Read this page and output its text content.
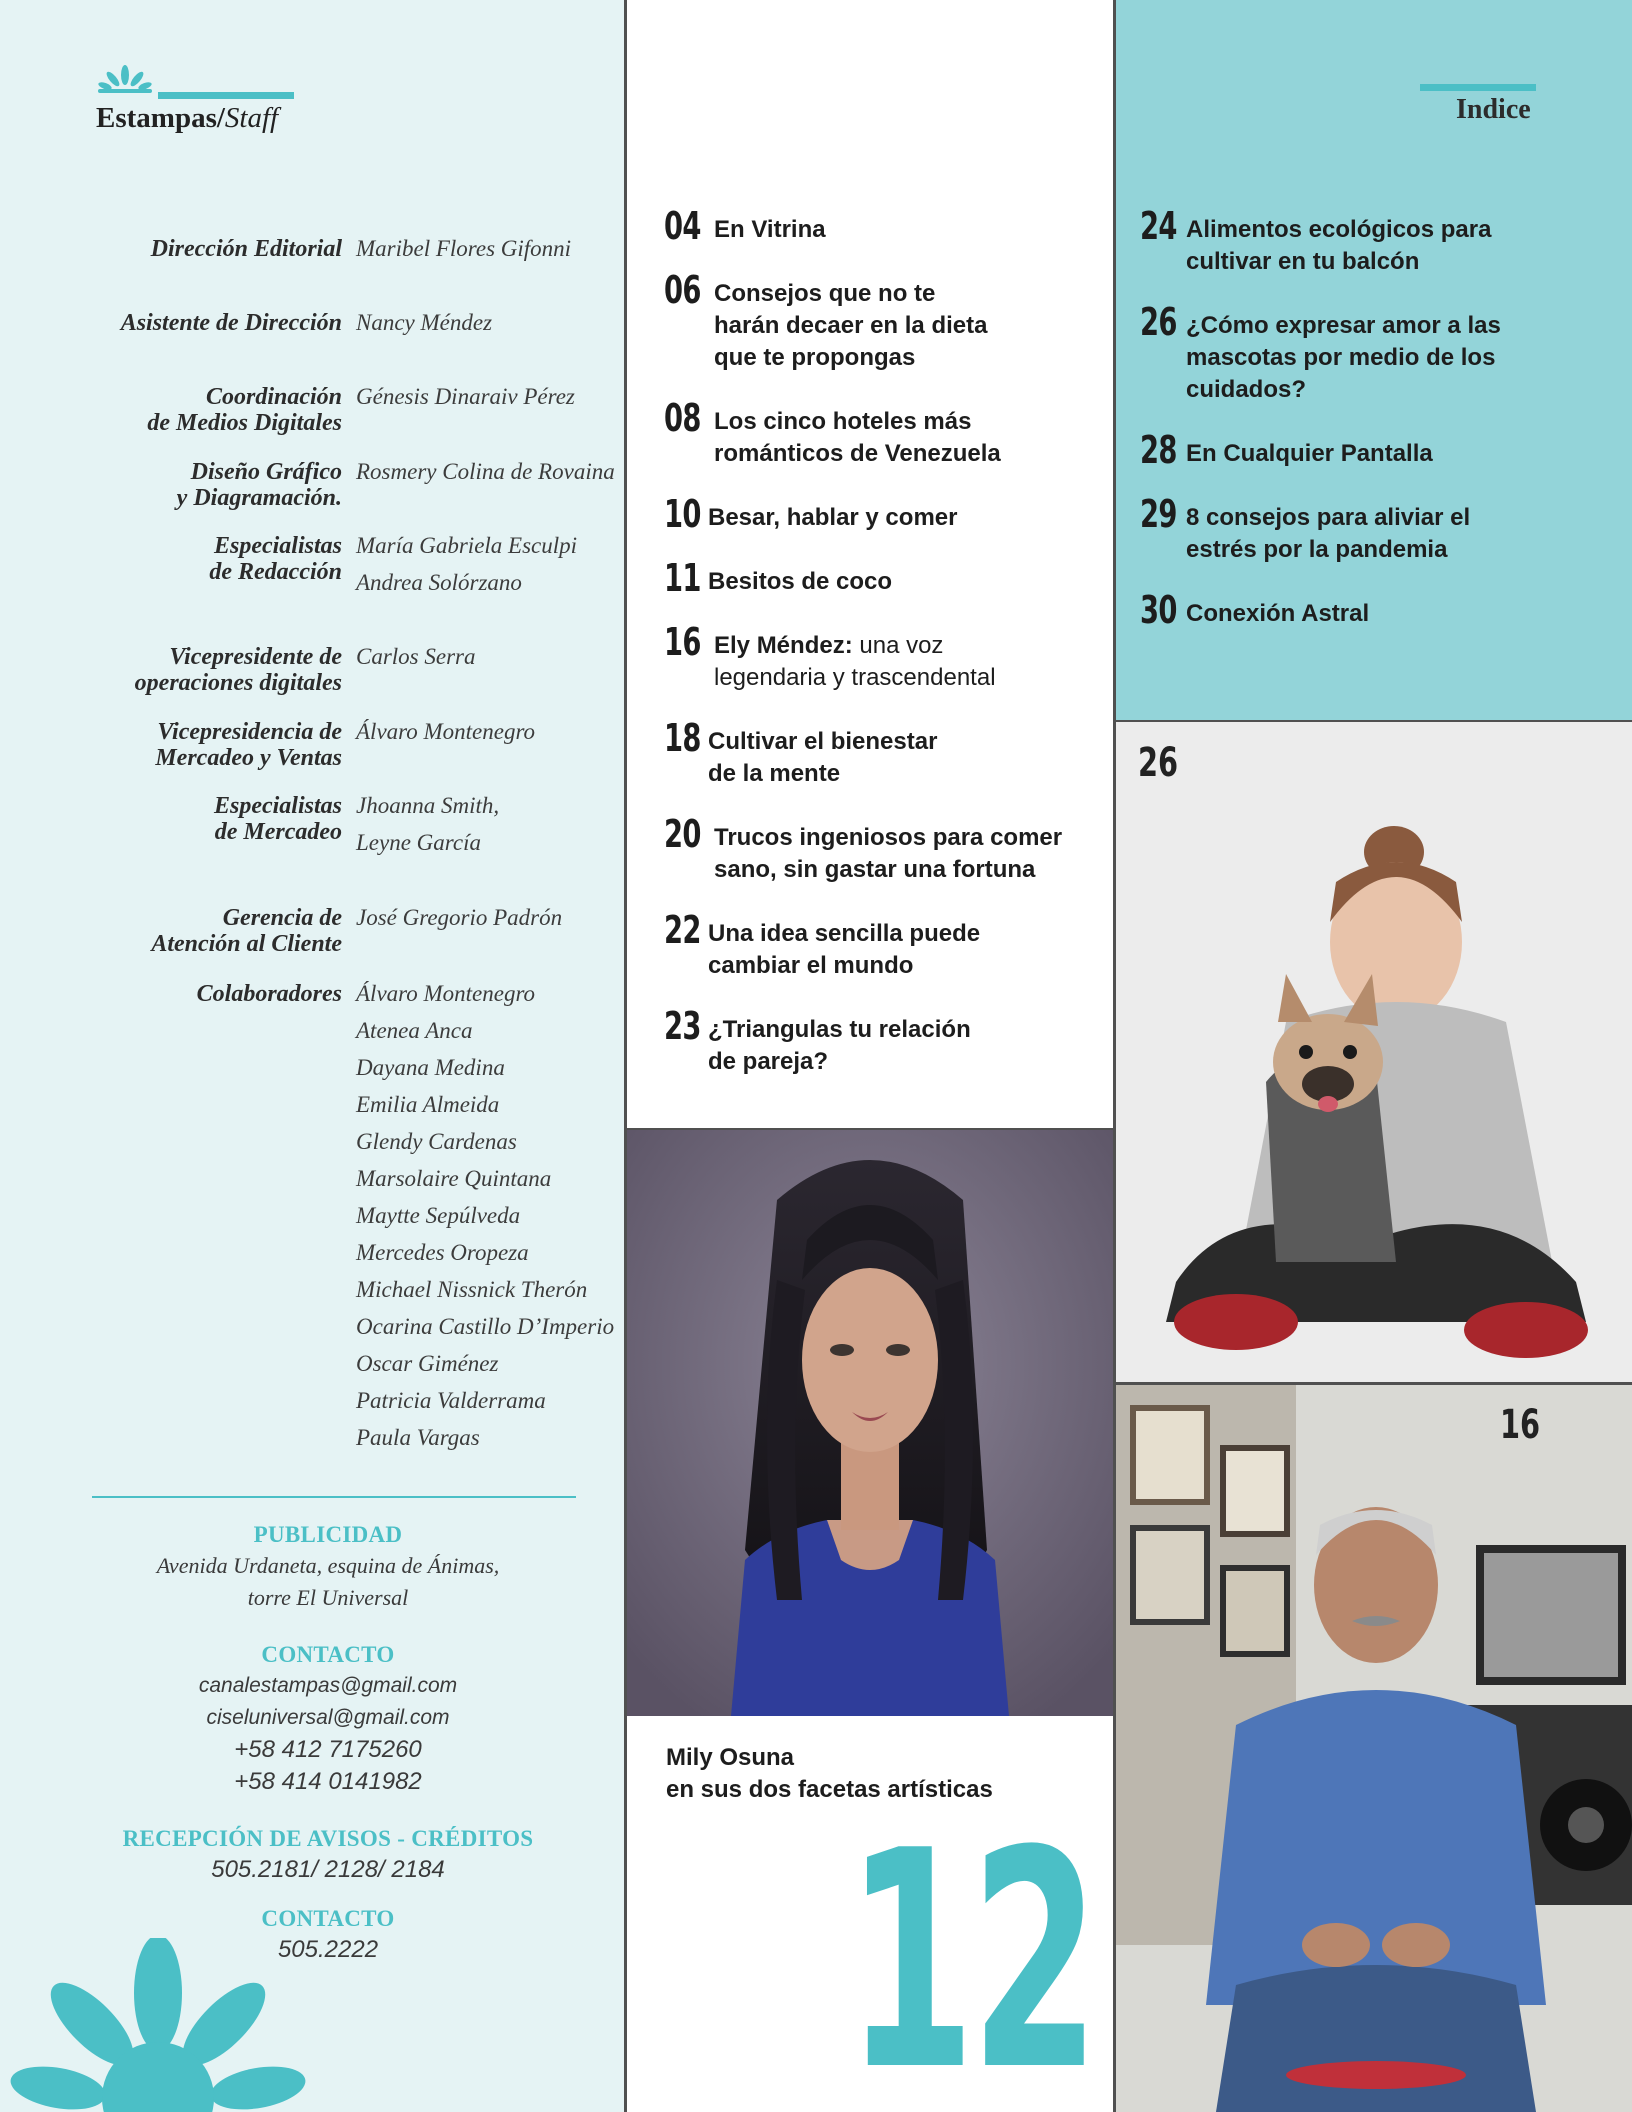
Estampas/Staff
Dirección Editorial Maribel Flores Gifonni
Asistente de Dirección Nancy Méndez
Coordinación
de Medios Digitales
Génesis Dinaraiv Pérez
Diseño Gráfico
y Diagramación.
Rosmery Colina de Rovaina
Especialistas
de Redacción
María Gabriela Esculpi
Andrea Solórzano
Vicepresidente de
operaciones digitales
Carlos Serra
Vicepresidencia de
Mercadeo y Ventas
Álvaro Montenegro
Especialistas
de Mercadeo
Jhoanna Smith,
Leyne García
Gerencia de
Atención al Cliente
José Gregorio Padrón
Colaboradores Álvaro Montenegro
Atenea Anca
Dayana Medina
Emilia Almeida
Glendy Cardenas
Marsolaire Quintana
Maytte Sepúlveda
Mercedes Oropeza
Michael Nissnick Therón
Ocarina Castillo D’Imperio
Oscar Giménez
Patricia Valderrama
Paula Vargas
PUBLICIDAD
Avenida Urdaneta, esquina de Ánimas,
torre El Universal
CONTACTO
canalestampas@gmail.com
ciseluniversal@gmail.com
+58 412 7175260
+58 414 0141982
RECEPCIÓN DE AVISOS - CRÉDITOS
505.2181/ 2128/ 2184
CONTACTO
505.2222
04 En Vitrina
06 Consejos que no te
harán decaer en la dieta
que te propongas
08 Los cinco hoteles más
románticos de Venezuela
10 Besar, hablar y comer
11 Besitos de coco
16 Ely Méndez: una voz
legendaria y trascendental
18 Cultivar el bienestar
de la mente
20 Trucos ingeniosos para comer
sano, sin gastar una fortuna
22 Una idea sencilla puede
cambiar el mundo
23 ¿Triangulas tu relación
de pareja?
Mily Osuna
en sus dos facetas artísticas
12
Indice
24 Alimentos ecológicos para
cultivar en tu balcón
26 ¿Cómo expresar amor a las
mascotas por medio de los
cuidados?
28 En Cualquier Pantalla
29 8 consejos para aliviar el
estrés por la pandemia
30 Conexión Astral
26
16
